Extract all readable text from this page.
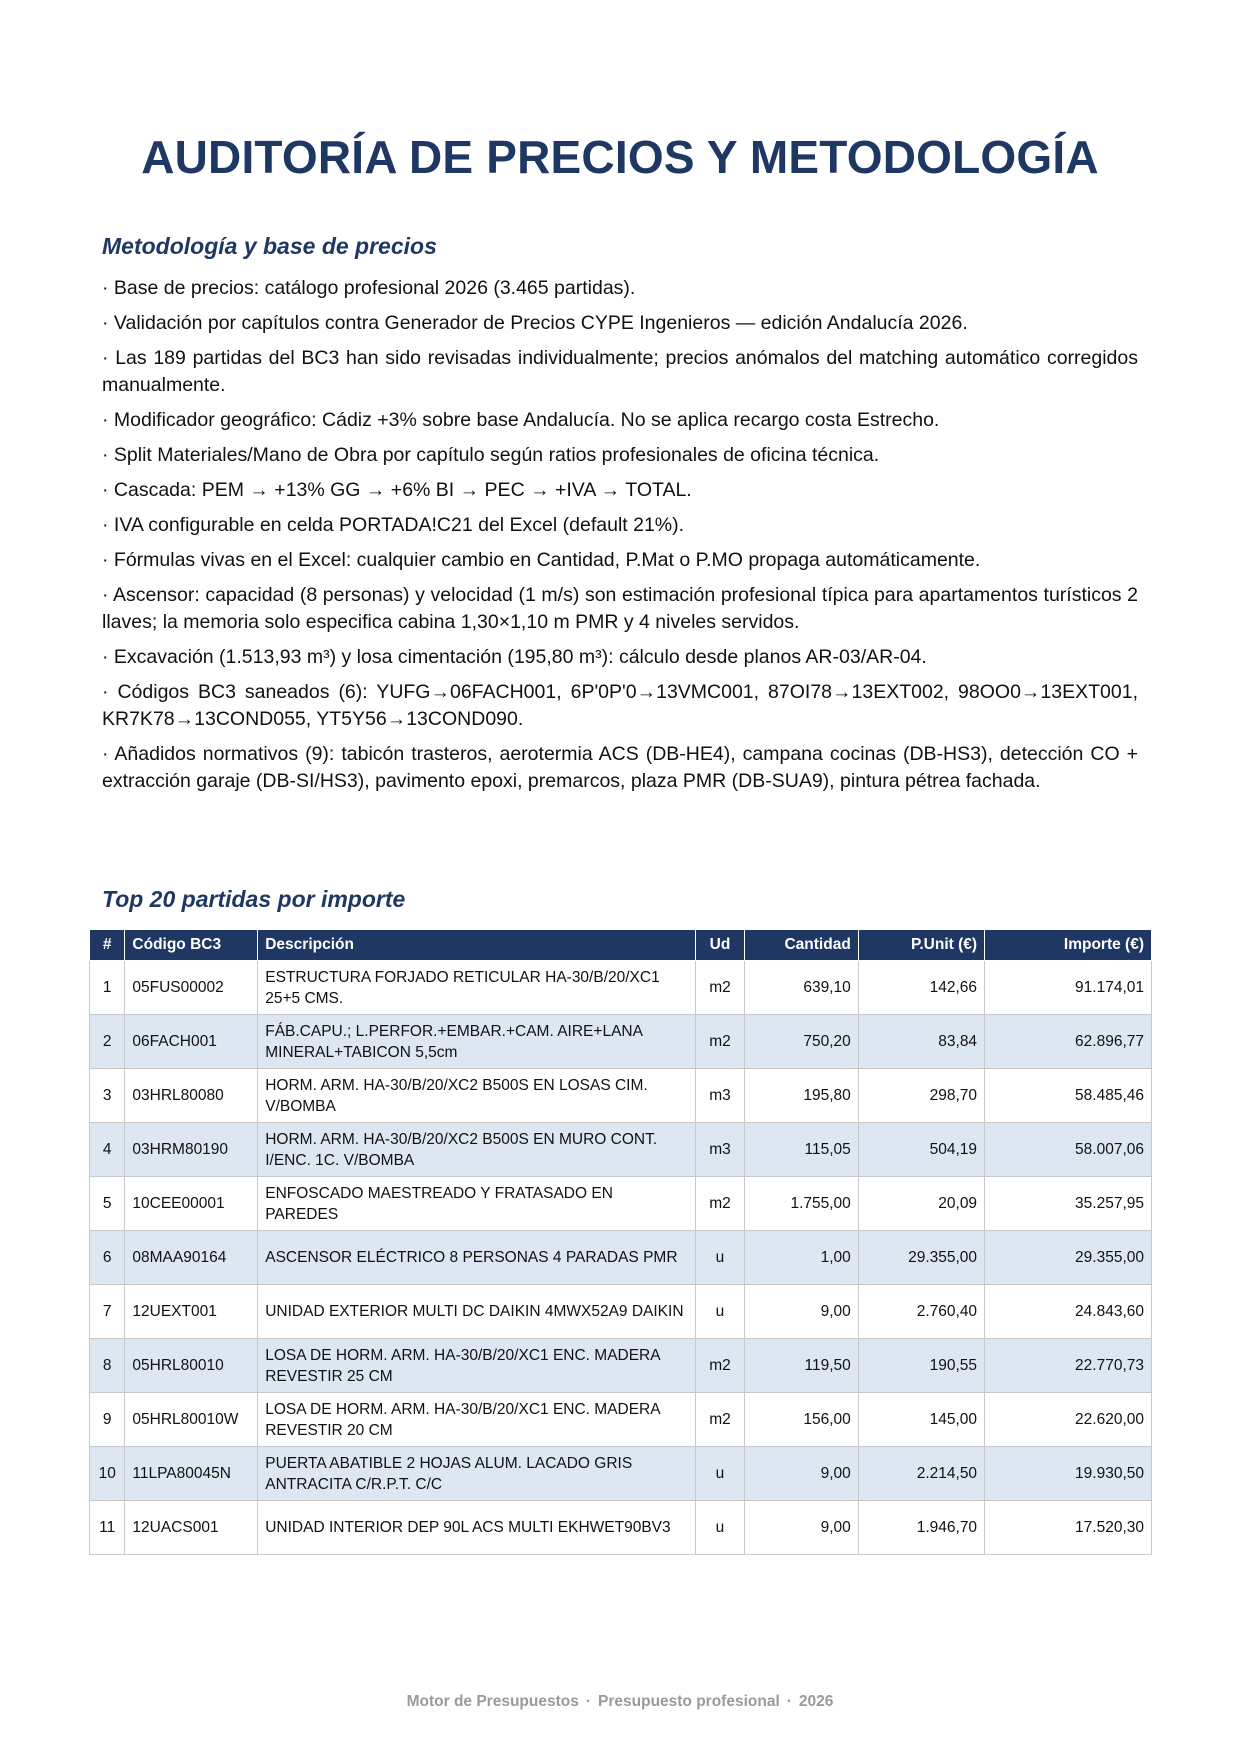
AUDITORÍA DE PRECIOS Y METODOLOGÍA
Metodología y base de precios

· Base de precios: catálogo profesional 2026 (3.465 partidas).

· Validación por capítulos contra Generador de Precios CYPE Ingenieros — edición Andalucía 2026.

· Las 189 partidas del BC3 han sido revisadas individualmente; precios anómalos del matching automático corregidos manualmente.

· Modificador geográfico: Cádiz +3% sobre base Andalucía. No se aplica recargo costa Estrecho.

· Split Materiales/Mano de Obra por capítulo según ratios profesionales de oficina técnica.

· Cascada: PEM → +13% GG → +6% BI → PEC → +IVA → TOTAL.

· IVA configurable en celda PORTADA!C21 del Excel (default 21%).

· Fórmulas vivas en el Excel: cualquier cambio en Cantidad, P.Mat o P.MO propaga automáticamente.

· Ascensor: capacidad (8 personas) y velocidad (1 m/s) son estimación profesional típica para apartamentos turísticos 2 llaves; la memoria solo especifica cabina 1,30×1,10 m PMR y 4 niveles servidos.

· Excavación (1.513,93 m³) y losa cimentación (195,80 m³): cálculo desde planos AR-03/AR-04.

· Códigos BC3 saneados (6): YUFG→06FACH001, 6P'0P'0→13VMC001, 87OI78→13EXT002, 98OO0→13EXT001, KR7K78→13COND055, YT5Y56→13COND090.

· Añadidos normativos (9): tabicón trasteros, aerotermia ACS (DB-HE4), campana cocinas (DB-HS3), detección CO + extracción garaje (DB-SI/HS3), pavimento epoxi, premarcos, plaza PMR (DB-SUA9), pintura pétrea fachada.

Top 20 partidas por importe
#	Código BC3	Descripción	Ud	Cantidad	P.Unit (€)	Importe (€)
1	05FUS00002	ESTRUCTURA FORJADO RETICULAR HA-30/B/20/XC1 25+5 CMS.	m2	639,10	142,66	91.174,01
2	06FACH001	FÁB.CAPU.; L.PERFOR.+EMBAR.+CAM. AIRE+LANA MINERAL+TABICON 5,5cm	m2	750,20	83,84	62.896,77
3	03HRL80080	HORM. ARM. HA-30/B/20/XC2 B500S EN LOSAS CIM. V/BOMBA	m3	195,80	298,70	58.485,46
4	03HRM80190	HORM. ARM. HA-30/B/20/XC2 B500S EN MURO CONT. I/ENC. 1C. V/BOMBA	m3	115,05	504,19	58.007,06
5	10CEE00001	ENFOSCADO MAESTREADO Y FRATASADO EN PAREDES	m2	1.755,00	20,09	35.257,95
6	08MAA90164	ASCENSOR ELÉCTRICO 8 PERSONAS 4 PARADAS PMR	u	1,00	29.355,00	29.355,00
7	12UEXT001	UNIDAD EXTERIOR MULTI DC DAIKIN 4MWX52A9 DAIKIN	u	9,00	2.760,40	24.843,60
8	05HRL80010	LOSA DE HORM. ARM. HA-30/B/20/XC1 ENC. MADERA REVESTIR 25 CM	m2	119,50	190,55	22.770,73
9	05HRL80010W	LOSA DE HORM. ARM. HA-30/B/20/XC1 ENC. MADERA REVESTIR 20 CM	m2	156,00	145,00	22.620,00
10	11LPA80045N	PUERTA ABATIBLE 2 HOJAS ALUM. LACADO GRIS ANTRACITA C/R.P.T. C/C	u	9,00	2.214,50	19.930,50
11	12UACS001	UNIDAD INTERIOR DEP 90L ACS MULTI EKHWET90BV3	u	9,00	1.946,70	17.520,30
Motor de Presupuestos · Presupuesto profesional · 2026
